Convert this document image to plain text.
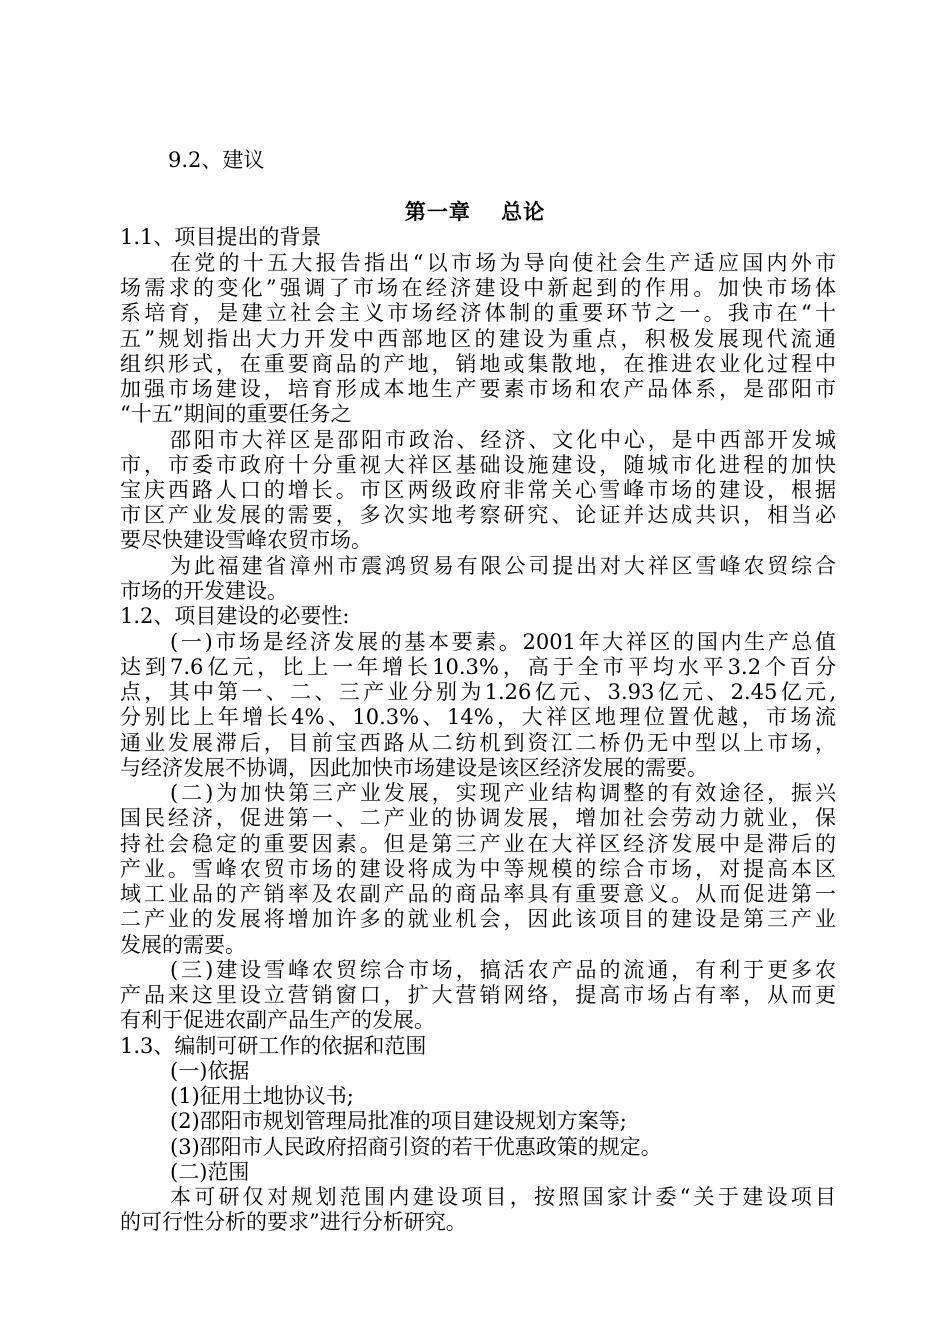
9.2、建议
第一章　 总论
1.1、项目提出的背景
在党的十五大报告指出“以市场为导向使社会生产适应国内外市
场需求的变化”强调了市场在经济建设中新起到的作用。加快市场体
系培育，是建立社会主义市场经济体制的重要环节之一。我市在“十
五”规划指出大力开发中西部地区的建设为重点，积极发展现代流通
组织形式，在重要商品的产地，销地或集散地，在推进农业化过程中
加强市场建设，培育形成本地生产要素市场和农产品体系，是邵阳市
“十五”期间的重要任务之
邵阳市大祥区是邵阳市政治、经济、文化中心，是中西部开发城
市，市委市政府十分重视大祥区基础设施建设，随城市化进程的加快
宝庆西路人口的增长。市区两级政府非常关心雪峰市场的建设，根据
市区产业发展的需要，多次实地考察研究、论证并达成共识，相当必
要尽快建设雪峰农贸市场。
为此福建省漳州市震鸿贸易有限公司提出对大祥区雪峰农贸综合
市场的开发建设。
1.2、项目建设的必要性:
(一)市场是经济发展的基本要素。2001年大祥区的国内生产总值
达到7.6亿元，比上一年增长10.3%，高于全市平均水平3.2个百分
点，其中第一、二、三产业分别为1.26亿元、3.93亿元、2.45亿元,
分别比上年增长4%、10.3%、14%，大祥区地理位置优越，市场流
通业发展滞后，目前宝西路从二纺机到资江二桥仍无中型以上市场，
与经济发展不协调，因此加快市场建设是该区经济发展的需要。
(二)为加快第三产业发展，实现产业结构调整的有效途径，振兴
国民经济，促进第一、二产业的协调发展，增加社会劳动力就业，保
持社会稳定的重要因素。但是第三产业在大祥区经济发展中是滞后的
产业。雪峰农贸市场的建设将成为中等规模的综合市场，对提高本区
域工业品的产销率及农副产品的商品率具有重要意义。从而促进第一
二产业的发展将增加许多的就业机会，因此该项目的建设是第三产业
发展的需要。
(三)建设雪峰农贸综合市场，搞活农产品的流通，有利于更多农
产品来这里设立营销窗口，扩大营销网络，提高市场占有率，从而更
有利于促进农副产品生产的发展。
1.3、编制可研工作的依据和范围
(一)依据
(1)征用土地协议书;
(2)邵阳市规划管理局批准的项目建设规划方案等;
(3)邵阳市人民政府招商引资的若干优惠政策的规定。
(二)范围
本可研仅对规划范围内建设项目，按照国家计委“关于建设项目
的可行性分析的要求”进行分析研究。
